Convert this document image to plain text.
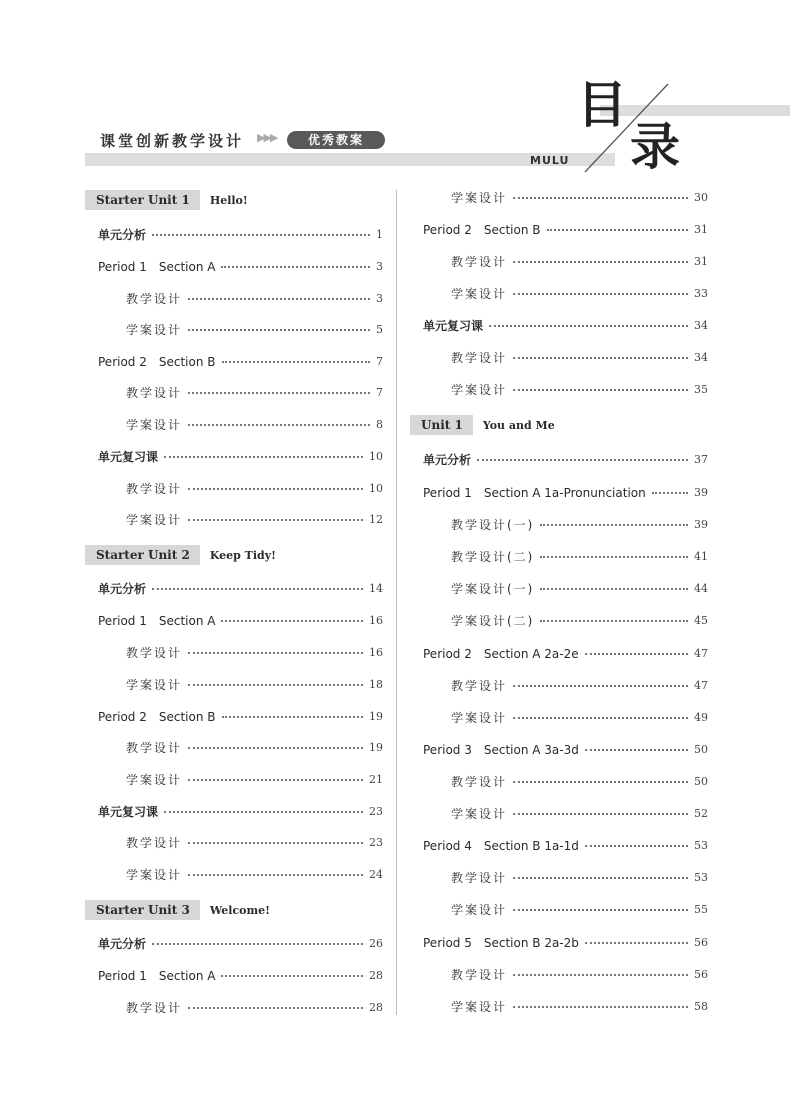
课堂创新教学设计 ▶▶▶	优秀教案
目
录
MULU
Starter Unit 1	Hello!
单元分析	1
Period 1　Section A	3
教学设计	3
学案设计	5
Period 2　Section B	7
教学设计	7
学案设计	8
单元复习课	10
教学设计	10
学案设计	12
Starter Unit 2	Keep Tidy!
单元分析	14
Period 1　Section A	16
教学设计	16
学案设计	18
Period 2　Section B	19
教学设计	19
学案设计	21
单元复习课	23
教学设计	23
学案设计	24
Starter Unit 3	Welcome!
单元分析	26
Period 1　Section A	28
教学设计	28
学案设计	30
Period 2　Section B	31
教学设计	31
学案设计	33
单元复习课	34
教学设计	34
学案设计	35
Unit 1	You and Me
单元分析	37
Period 1　Section A 1a-Pronunciation	39
教学设计(一)	39
教学设计(二)	41
学案设计(一)	44
学案设计(二)	45
Period 2　Section A 2a-2e	47
教学设计	47
学案设计	49
Period 3　Section A 3a-3d	50
教学设计	50
学案设计	52
Period 4　Section B 1a-1d	53
教学设计	53
学案设计	55
Period 5　Section B 2a-2b	56
教学设计	56
学案设计	58
